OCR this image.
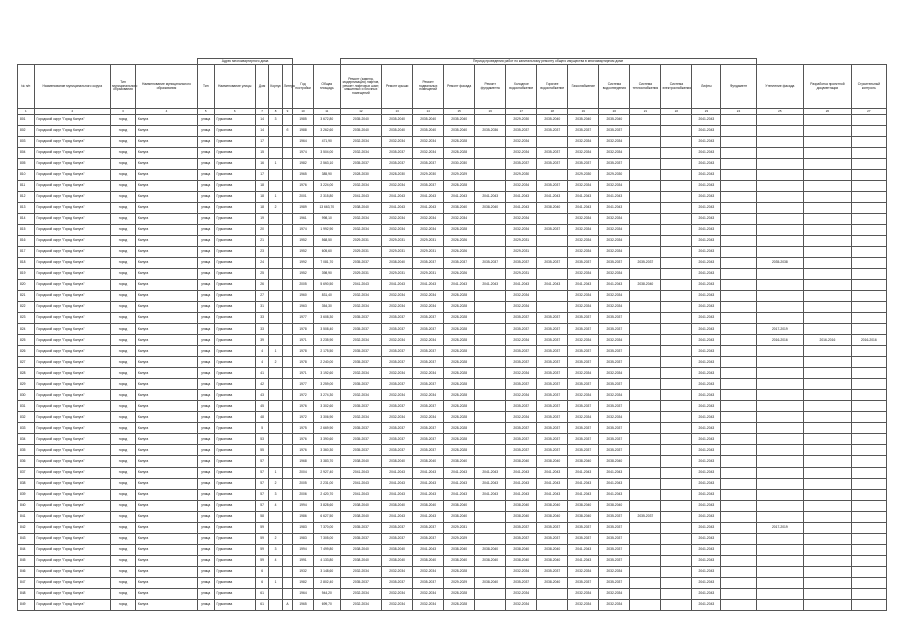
				Адрес многоквартирного дома							Период проведения работ по капитальному ремонту общего имущества в многоквартирном доме															
№ п/п	Наименование муниципального округа	Тип муниципального образования	Наименование муниципального образования	Тип	Наименование улицы	Дом	Корпус	Литера	Год постройки	Общая площадь	Ремонт (замена, модернизация) лифтов, ремонт лифтовых шахт, машинных и блочных помещений	Ремонт крыши	Ремонт подвальных помещений	Ремонт фасада	Ремонт фундамента	Холодное водоснабжение	Горячее водоснабжение	Газоснабжение	Система водоотведения	Система теплоснабжения	Система электроснабжения	Лифты	Фундамент	Утепление фасада	Разработка проектной документации	Строительный контроль
1	2	3	4	5	6	7	8	9	10	11	12	13	14	15	16	17	18	19	20	21	22	23	24	25	26	27
801	Городской округ "Город Калуга"	город	Калуга	улица	Гурьянова	14	3		1985	3 672,80	2035-2040	2035-2040	2035-2040	2035-2040		2029-2030	2035-2040	2035-2040	2035-2040			2041-2043				
802	Городской округ "Город Калуга"	город	Калуга	улица	Гурьянова	14		б	1988	3 262,60	2035-2040	2035-2040	2035-2040	2035-2040	2035-2036	2035-2037	2035-2037	2035-2037	2035-2037			2041-2043				
803	Городской округ "Город Калуга"	город	Калуга	улица	Гурьянова	17			1964	471,90	2032-2034	2032-2034	2032-2034	2028-2028		2032-2034		2032-2034	2032-2034			2041-2043				
804	Городской округ "Город Калуга"	город	Калуга	улица	Гурьянова	15			1974	3 504,00	2032-2034	2035-2037	2032-2034	2028-2028		2032-2034	2035-2037	2032-2034	2032-2034			2041-2043				
805	Городской округ "Город Калуга"	город	Калуга	улица	Гурьянова	16	1		1982	2 563,10	2035-2037	2035-2037	2035-2037	2030-2030		2035-2037	2035-2037	2035-2037	2035-2037			2041-2043				
810	Городской округ "Город Калуга"	город	Калуга	улица	Гурьянова	17			1965	385,90	2028-2030	2028-2030	2029-2030	2029-2029		2029-2030		2029-2030	2029-2030			2041-2043				
811	Городской округ "Город Калуга"	город	Калуга	улица	Гурьянова	18			1976	3 224,00	2032-2034	2032-2034	2035-2037	2028-2028		2032-2034	2035-2037	2032-2034	2032-2034			2041-2043				
812	Городской округ "Город Калуга"	город	Калуга	улица	Гурьянова	18	1		2001	2 315,80	2041-2043	2041-2043	2041-2043	2041-2043	2041-2043	2041-2043	2041-2043	2041-2043	2041-2043			2041-2043				
813	Городской округ "Город Калуга"	город	Калуга	улица	Гурьянова	18	2		1989	13 663,70	2038-2040	2041-2043	2041-2043	2038-2040	2038-2040	2041-2043	2038-2040	2041-2043	2041-2043			2041-2043				
814	Городской округ "Город Калуга"	город	Калуга	улица	Гурьянова	19			1961	998,10	2032-2034	2032-2034	2032-2034	2032-2034		2032-2034		2032-2034	2032-2034			2041-2043				
815	Городской округ "Город Калуга"	город	Калуга	улица	Гурьянова	20			1974	1 992,90	2032-2034	2032-2034	2032-2034	2028-2028		2032-2034	2035-2037	2032-2034	2032-2034			2041-2043				
816	Городской округ "Город Калуга"	город	Калуга	улица	Гурьянова	21			1952	568,50	2029-2031	2029-2031	2029-2031	2026-2026		2029-2031		2032-2034	2032-2034			2041-2043				
817	Городской округ "Город Калуга"	город	Калуга	улица	Гурьянова	23			1952	605,60	2029-2031	2029-2031	2029-2031	2026-2026		2029-2031		2032-2034	2032-2034			2041-2043				
818	Городской округ "Город Калуга"	город	Калуга	улица	Гурьянова	24			1992	7 081,70	2035-2037	2038-2040	2035-2037	2035-2037	2035-2037	2035-2037	2035-2037	2035-2037	2035-2037	2035-2037		2041-2043		2035-2038		
819	Городской округ "Город Калуга"	город	Калуга	улица	Гурьянова	25			1952	398,90	2029-2031	2029-2031	2029-2031	2026-2026		2029-2031		2032-2034	2032-2034			2041-2043				
820	Городской округ "Город Калуга"	город	Калуга	улица	Гурьянова	26			2005	5 690,50	2041-2043	2041-2043	2041-2043	2041-2043	2041-2043	2041-2043	2041-2043	2041-2043	2041-2043	2038-2040		2041-2043				
821	Городской округ "Город Калуга"	город	Калуга	улица	Гурьянова	27			1960	831,40	2032-2034	2032-2034	2032-2034	2028-2028		2032-2034		2032-2034	2032-2034			2041-2043				
822	Городской округ "Город Калуга"	город	Калуга	улица	Гурьянова	31			1963	354,30	2032-2034	2032-2034	2032-2034	2028-2028		2032-2034		2032-2034	2032-2034			2041-2043				
823	Городской округ "Город Калуга"	город	Калуга	улица	Гурьянова	33			1977	3 608,30	2035-2037	2035-2037	2035-2037	2028-2028		2035-2037	2035-2037	2035-2037	2035-2037			2041-2043				
824	Городской округ "Город Калуга"	город	Калуга	улица	Гурьянова	33			1978	3 508,40	2035-2037	2035-2037	2035-2037	2028-2028		2035-2037	2035-2037	2035-2037	2035-2037			2041-2043		2017-2019		
825	Городской округ "Город Калуга"	город	Калуга	улица	Гурьянова	39			1971	3 235,90	2032-2034	2032-2034	2032-2034	2028-2028		2032-2034	2035-2037	2032-2034	2032-2034			2041-2043		2016-2016	2016-2016	2016-2016
826	Городской округ "Город Калуга"	город	Калуга	улица	Гурьянова	4	1		1978	2 175,50	2035-2037	2035-2037	2035-2037	2028-2028		2035-2037	2035-2037	2035-2037	2035-2037			2041-2043				
827	Городской округ "Город Калуга"	город	Калуга	улица	Гурьянова	4	2		1978	2 240,00	2035-2037	2035-2037	2035-2037	2028-2028		2035-2037	2035-2037	2035-2037	2035-2037			2041-2043				
828	Городской округ "Город Калуга"	город	Калуга	улица	Гурьянова	41			1971	3 192,60	2032-2034	2032-2034	2032-2034	2028-2028		2032-2034	2035-2037	2032-2034	2032-2034			2041-2043				
829	Городской округ "Город Калуга"	город	Калуга	улица	Гурьянова	42			1977	3 259,00	2035-2037	2035-2037	2035-2037	2028-2028		2035-2037	2035-2037	2035-2037	2035-2037			2041-2043				
830	Городской округ "Город Калуга"	город	Калуга	улица	Гурьянова	43			1972	3 274,30	2032-2034	2032-2034	2032-2034	2028-2028		2032-2034	2035-2037	2032-2034	2032-2034			2041-2043				
831	Городской округ "Город Калуга"	город	Калуга	улица	Гурьянова	45			1976	3 302,60	2035-2037	2035-2037	2035-2037	2028-2028		2035-2037	2035-2037	2035-2037	2035-2037			2041-2043				
832	Городской округ "Город Калуга"	город	Калуга	улица	Гурьянова	48			1972	3 306,90	2032-2034	2032-2034	2032-2034	2028-2028		2032-2034	2035-2037	2032-2034	2032-2034			2041-2043				
833	Городской округ "Город Калуга"	город	Калуга	улица	Гурьянова	5			1975	2 669,90	2035-2037	2035-2037	2035-2037	2028-2028		2035-2037	2035-2037	2035-2037	2035-2037			2041-2043				
834	Городской округ "Город Калуга"	город	Калуга	улица	Гурьянова	53			1976	3 390,60	2035-2037	2035-2037	2035-2037	2028-2028		2035-2037	2035-2037	2035-2037	2035-2037			2041-2043				
835	Городской округ "Город Калуга"	город	Калуга	улица	Гурьянова	55			1976	3 360,30	2035-2037	2035-2037	2035-2037	2028-2028		2035-2037	2035-2037	2035-2037	2035-2037			2041-2043				
836	Городской округ "Город Калуга"	город	Калуга	улица	Гурьянова	57			1968	3 383,70	2038-2040	2038-2040	2038-2040	2038-2040		2038-2040	2038-2040	2038-2040	2038-2040			2041-2043				
837	Городской округ "Город Калуга"	город	Калуга	улица	Гурьянова	57	1		2004	2 927,40	2041-2043	2041-2043	2041-2043	2041-2043	2041-2043	2041-2043	2041-2043	2041-2043	2041-2043			2041-2043				
838	Городской округ "Город Калуга"	город	Калуга	улица	Гурьянова	57	2		2005	2 231,00	2041-2043	2041-2043	2041-2043	2041-2043	2041-2043	2041-2043	2041-2043	2041-2043	2041-2043			2041-2043				
839	Городской округ "Город Калуга"	город	Калуга	улица	Гурьянова	57	3		2006	2 420,70	2041-2043	2041-2043	2041-2043	2041-2043	2041-2043	2041-2043	2041-2043	2041-2043	2041-2043			2041-2043				
840	Городской округ "Город Калуга"	город	Калуга	улица	Гурьянова	57	4		1994	3 828,60	2038-2040	2038-2040	2038-2040	2038-2040		2038-2040	2038-2040	2038-2040	2038-2040			2041-2043				
841	Городской округ "Город Калуга"	город	Калуга	улица	Гурьянова	58			1986	6 627,50	2038-2040	2041-2043	2041-2043	2038-2040		2038-2040	2038-2040	2038-2040	2035-2037	2035-2037		2041-2043				
842	Городской округ "Город Калуга"	город	Калуга	улица	Гурьянова	59			1983	7 370,00	2035-2037	2035-2037	2035-2037	2029-2031		2035-2037	2035-2037	2035-2037	2035-2037			2041-2043		2017-2019		
843	Городской округ "Город Калуга"	город	Калуга	улица	Гурьянова	59	2		1983	7 305,00	2035-2037	2035-2037	2035-2037	2029-2029		2035-2037	2035-2037	2035-2037	2035-2037			2041-2043				
844	Городской округ "Город Калуга"	город	Калуга	улица	Гурьянова	59	3		1994	7 499,80	2038-2040	2038-2040	2041-2043	2038-2040	2038-2040	2038-2040	2038-2040	2041-2043	2035-2037			2041-2043				
845	Городской округ "Город Калуга"	город	Калуга	улица	Гурьянова	59	4		1991	4 133,80	2038-2040	2038-2040	2038-2040	2038-2040	2038-2040	2038-2040	2038-2040	2041-2043	2035-2037			2041-2043				
846	Городской округ "Город Калуга"	город	Калуга	улица	Гурьянова	6			1932	3 148,60	2032-2034	2032-2034	2032-2034	2028-2028		2032-2034	2035-2037	2032-2034	2032-2034			2041-2043				
847	Городской округ "Город Калуга"	город	Калуга	улица	Гурьянова	6	1		1982	2 802,40	2035-2037	2035-2037	2035-2037	2029-2029	2038-2040	2035-2037	2038-2040	2035-2037	2035-2037			2041-2043				
848	Городской округ "Город Калуга"	город	Калуга	улица	Гурьянова	61			1964	944,20	2032-2034	2032-2034	2032-2034	2028-2028		2032-2034		2032-2034	2032-2034			2041-2043				
849	Городской округ "Город Калуга"	город	Калуга	улица	Гурьянова	61		А	1965	699,70	2032-2034	2032-2034	2032-2034	2028-2028		2032-2034		2032-2034	2032-2034			2041-2043				
